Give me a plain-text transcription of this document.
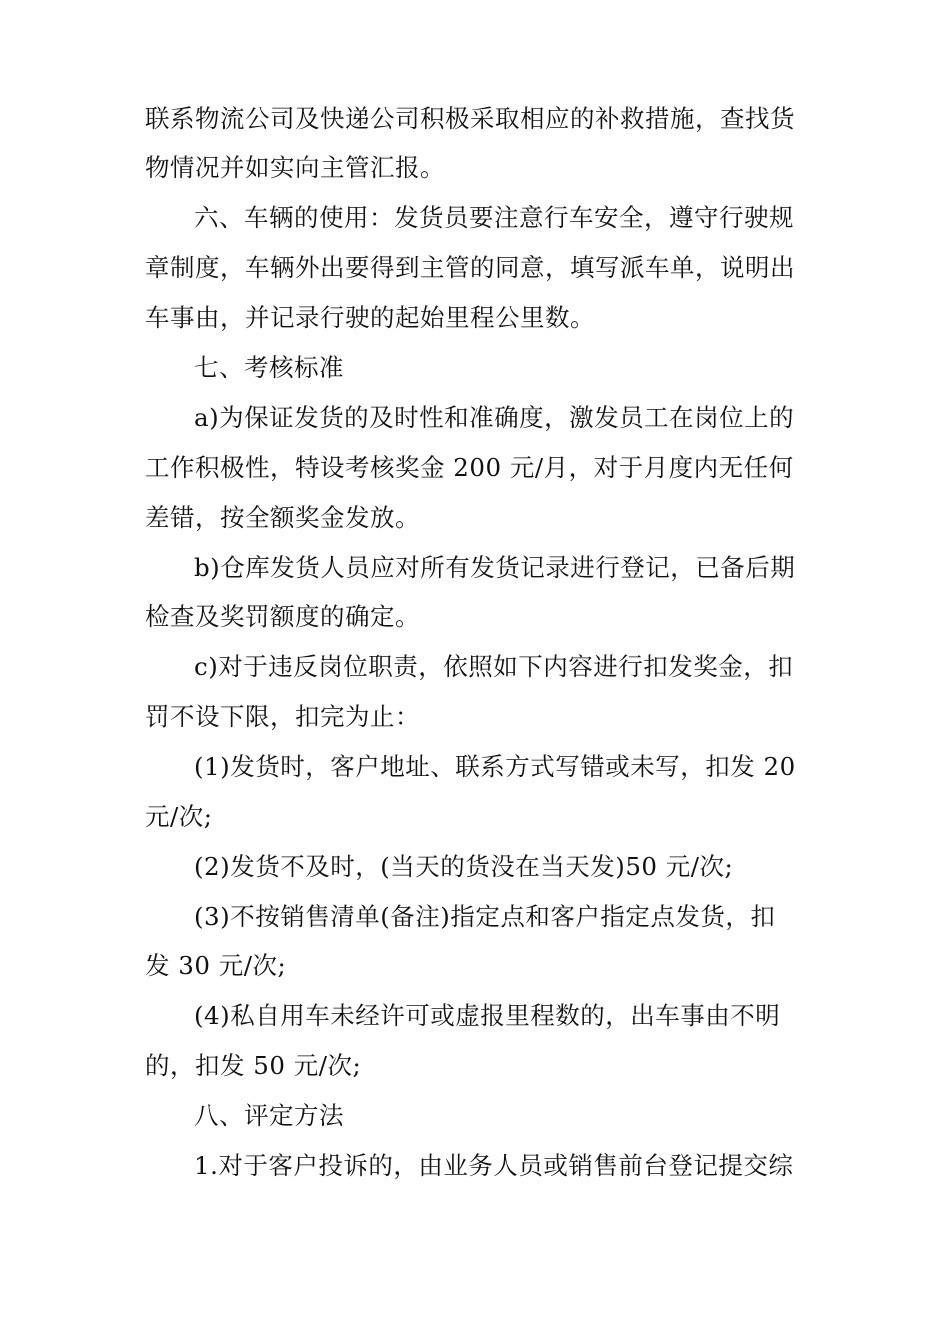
联系物流公司及快递公司积极采取相应的补救措施，查找货
物情况并如实向主管汇报。
六、车辆的使用：发货员要注意行车安全，遵守行驶规
章制度，车辆外出要得到主管的同意，填写派车单，说明出
车事由，并记录行驶的起始里程公里数。
七、考核标准
a)为保证发货的及时性和准确度，激发员工在岗位上的
工作积极性，特设考核奖金 200 元/月，对于月度内无任何
差错，按全额奖金发放。
b)仓库发货人员应对所有发货记录进行登记，已备后期
检查及奖罚额度的确定。
c)对于违反岗位职责，依照如下内容进行扣发奖金，扣
罚不设下限，扣完为止：
(1)发货时，客户地址、联系方式写错或未写，扣发 20
元/次;
(2)发货不及时，(当天的货没在当天发)50 元/次;
(3)不按销售清单(备注)指定点和客户指定点发货，扣
发 30 元/次;
(4)私自用车未经许可或虚报里程数的，出车事由不明
的，扣发 50 元/次;
八、评定方法
1.对于客户投诉的，由业务人员或销售前台登记提交综
